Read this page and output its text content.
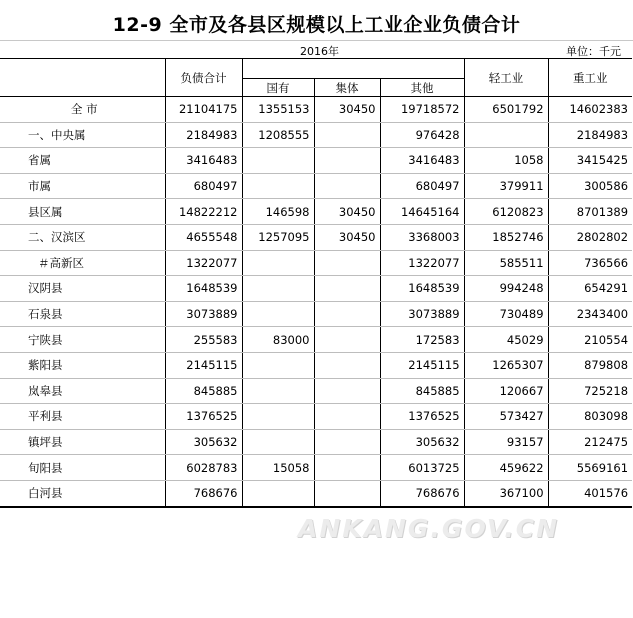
12-9 全市及各县区规模以上工业企业负债合计
2016年	单位：千元
	负债合计				轻工业	重工业
		国有	集体	其他		
全 市	21104175	1355153	30450	19718572	6501792	14602383
一、中央属	2184983	1208555		976428		2184983
省属	3416483			3416483	1058	3415425
市属	680497			680497	379911	300586
县区属	14822212	146598	30450	14645164	6120823	8701389
二、汉滨区	4655548	1257095	30450	3368003	1852746	2802802
＃高新区	1322077			1322077	585511	736566
汉阴县	1648539			1648539	994248	654291
石泉县	3073889			3073889	730489	2343400
宁陕县	255583	83000		172583	45029	210554
紫阳县	2145115			2145115	1265307	879808
岚皋县	845885			845885	120667	725218
平利县	1376525			1376525	573427	803098
镇坪县	305632			305632	93157	212475
旬阳县	6028783	15058		6013725	459622	5569161
白河县	768676			768676	367100	401576
ANKANG.GOV.CN
